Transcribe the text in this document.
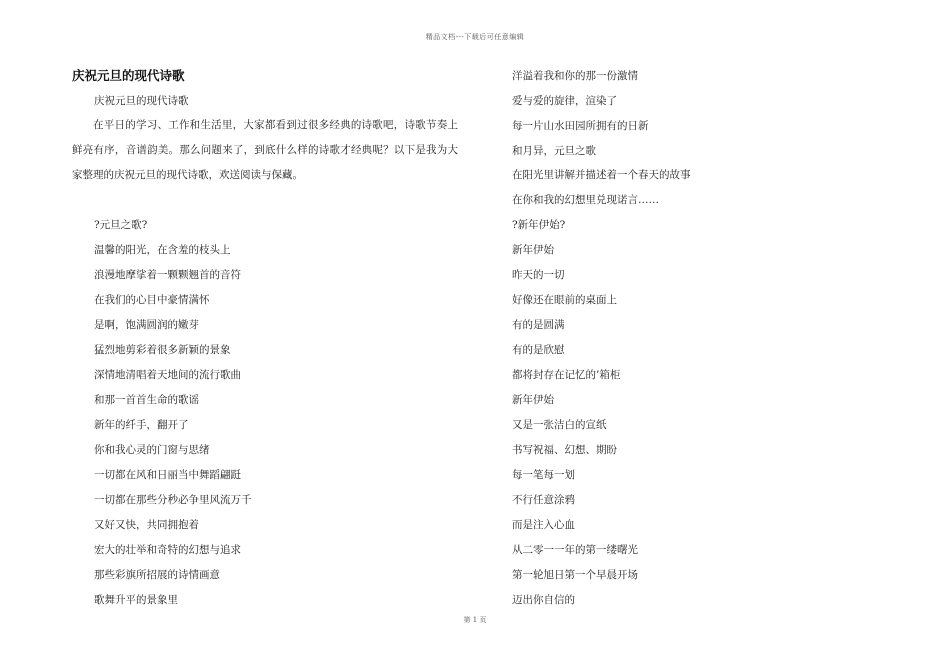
精品文档---下载后可任意编辑
庆祝元旦的现代诗歌
庆祝元旦的现代诗歌
在平日的学习、工作和生活里，大家都看到过很多经典的诗歌吧，诗歌节奏上鲜亮有序，音谱韵美。那么问题来了，到底什么样的诗歌才经典呢？以下是我为大家整理的庆祝元旦的现代诗歌，欢送阅读与保藏。
?元旦之歌?
温馨的阳光，在含羞的枝头上
浪漫地摩挲着一颗颗翘首的音符
在我们的心目中豪情满怀
是啊，饱满圆润的嫩芽
猛烈地剪彩着很多新颖的景象
深情地清唱着天地间的流行歌曲
和那一首首生命的歌谣
新年的纤手，翻开了
你和我心灵的门窗与思绪
一切都在风和日丽当中舞蹈翩跹
一切都在那些分秒必争里风流万千
又好又快，共同拥抱着
宏大的壮举和奇特的幻想与追求
那些彩旗所招展的诗情画意
歌舞升平的景象里
洋溢着我和你的那一份激情
爱与爱的旋律，渲染了
每一片山水田园所拥有的日新
和月异，元旦之歌
在阳光里讲解并描述着一个春天的故事
在你和我的幻想里兑现诺言……
?新年伊始?
新年伊始
昨天的一切
好像还在眼前的桌面上
有的是圆满
有的是欣慰
都将封存在记忆的’箱柜
新年伊始
又是一张洁白的宣纸
书写祝福、幻想、期盼
每一笔每一划
不行任意涂鸦
而是注入心血
从二零一一年的第一缕曙光
第一轮旭日第一个早晨开场
迈出你自信的
第 1 页
